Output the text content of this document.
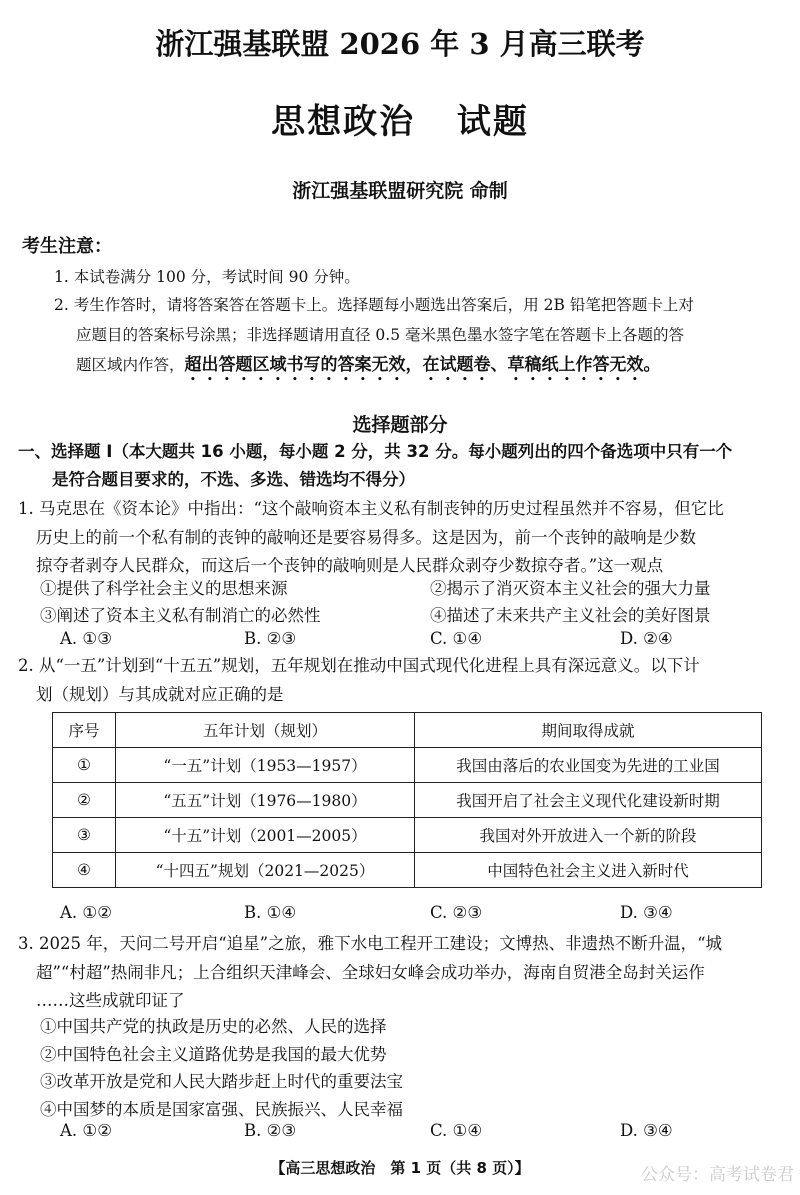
浙江强基联盟 2026 年 3 月高三联考
思想政治 试题
浙江强基联盟研究院 命制
考生注意：
1. 本试卷满分 100 分，考试时间 90 分钟。
2. 考生作答时，请将答案答在答题卡上。选择题每小题选出答案后，用 2B 铅笔把答题卡上对
应题目的答案标号涂黑；非选择题请用直径 0.5 毫米黑色墨水签字笔在答题卡上各题的答
题区域内作答，超出答题区域书写的答案无效，在试题卷、草稿纸上作答无效。
选择题部分
一、选择题 Ⅰ（本大题共 16 小题，每小题 2 分，共 32 分。每小题列出的四个备选项中只有一个
是符合题目要求的，不选、多选、错选均不得分）
1. 马克思在《资本论》中指出：“这个敲响资本主义私有制丧钟的历史过程虽然并不容易，但它比
历史上的前一个私有制的丧钟的敲响还是要容易得多。这是因为，前一个丧钟的敲响是少数
掠夺者剥夺人民群众，而这后一个丧钟的敲响则是人民群众剥夺少数掠夺者。”这一观点
①提供了科学社会主义的思想来源	②揭示了消灭资本主义社会的强大力量
③阐述了资本主义私有制消亡的必然性	④描述了未来共产主义社会的美好图景
A. ①③	B. ②③	C. ①④	D. ②④
2. 从“一五”计划到“十五五”规划，五年规划在推动中国式现代化进程上具有深远意义。以下计
划（规划）与其成就对应正确的是
序号	五年计划（规划）	期间取得成就
①	“一五”计划（1953—1957）	我国由落后的农业国变为先进的工业国
②	“五五”计划（1976—1980）	我国开启了社会主义现代化建设新时期
③	“十五”计划（2001—2005）	我国对外开放进入一个新的阶段
④	“十四五”规划（2021—2025）	中国特色社会主义进入新时代
A. ①②	B. ①④	C. ②③	D. ③④
3. 2025 年，天问二号开启“追星”之旅，雅下水电工程开工建设；文博热、非遗热不断升温，“城
超”“村超”热闹非凡；上合组织天津峰会、全球妇女峰会成功举办，海南自贸港全岛封关运作
……这些成就印证了
①中国共产党的执政是历史的必然、人民的选择
②中国特色社会主义道路优势是我国的最大优势
③改革开放是党和人民大踏步赶上时代的重要法宝
④中国梦的本质是国家富强、民族振兴、人民幸福
A. ①②	B. ②③	C. ①④	D. ③④
【高三思想政治　第 1 页（共 8 页）】	公众号：高考试卷君
